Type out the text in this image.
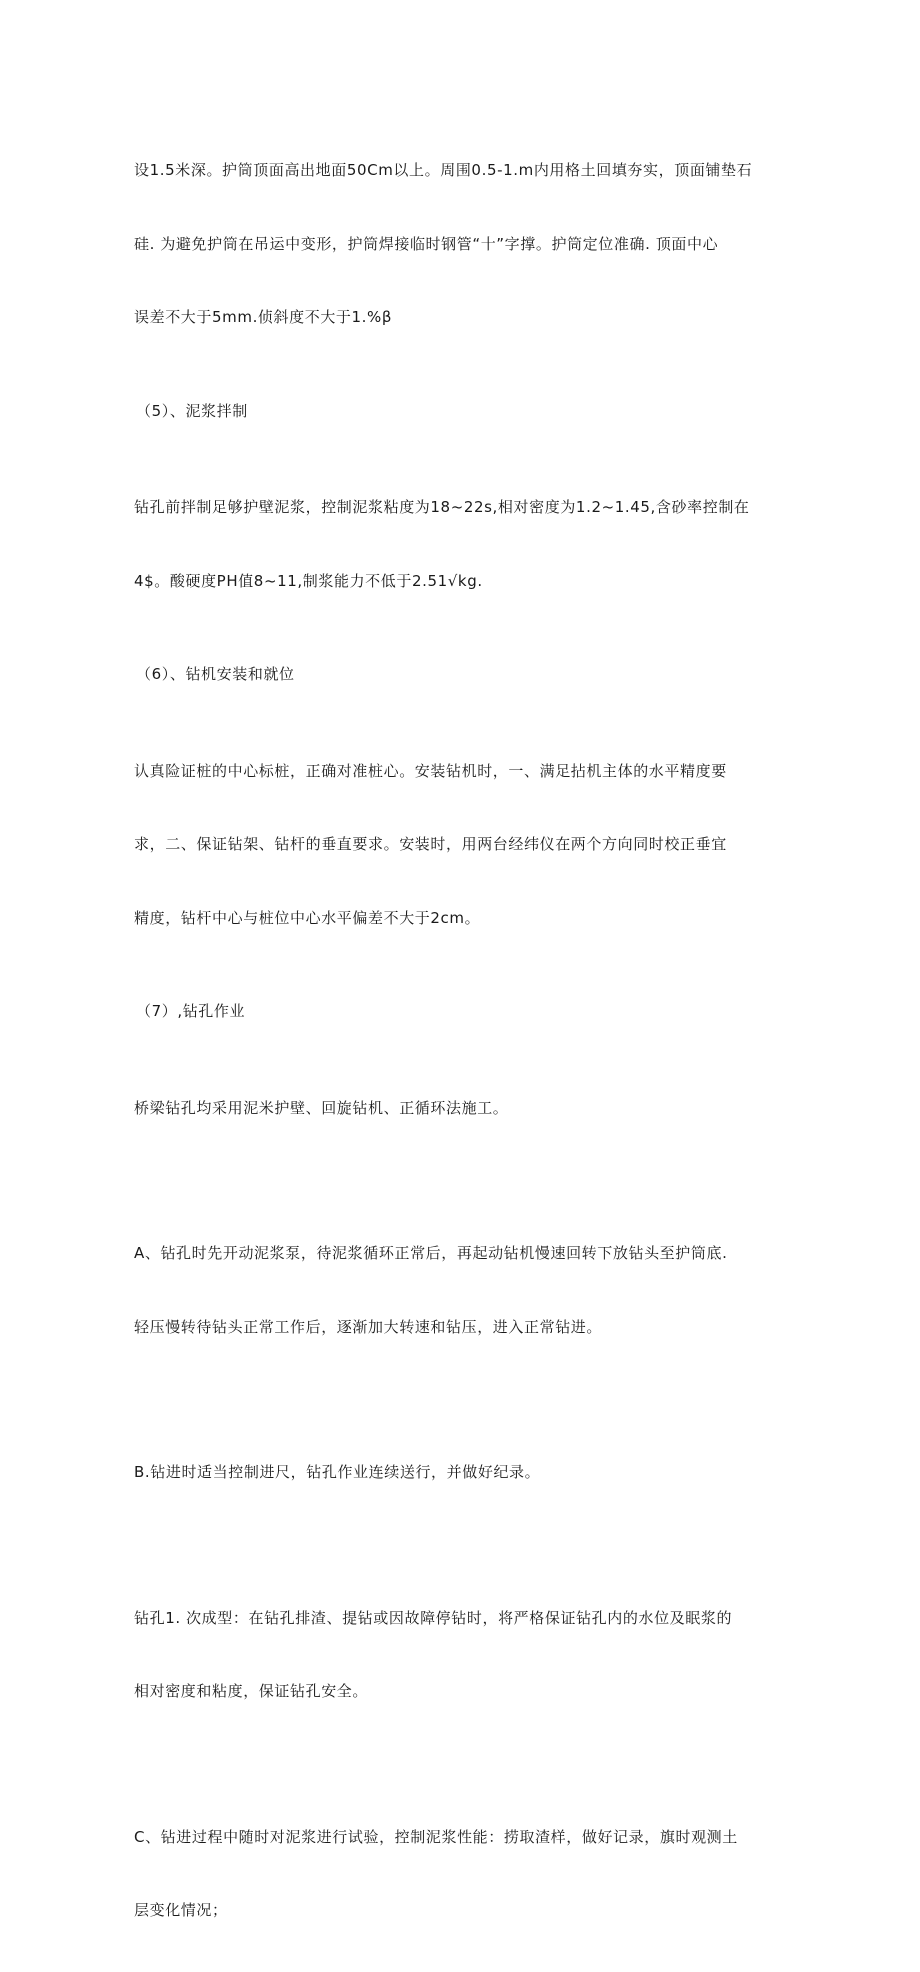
设1.5米深。护筒顶面高出地面50Cm以上。周围0.5-1.m内用格土回填夯实，顶面铺垫石

硅. 为避免护筒在吊运中变形，护筒焊接临时钢管“十”字撑。护筒定位准确. 顶面中心

误差不大于5mm.侦斜度不大于1.%β

（5）、泥浆拌制

钻孔前拌制足够护壁泥浆，控制泥浆粘度为18~22s,相对密度为1.2~1.45,含砂率控制在

4$。酸硬度PH值8~11,制浆能力不低于2.51√kg.

（6）、钻机安装和就位

认真险证桩的中心标桩，正确对准桩心。安装钻机时，一、满足拈机主体的水平精度要

求，二、保证钻架、钻杆的垂直要求。安装时，用两台经纬仪在两个方向同时校正垂宜

精度，钻杆中心与桩位中心水平偏差不大于2cm。

（7）,钻孔作业

桥梁钻孔均采用泥米护壁、回旋钻机、正循环法施工。

A、钻孔时先开动泥浆泵，待泥浆循环正常后，再起动钻机慢速回转下放钻头至护筒底.

轻压慢转待钻头正常工作后，逐渐加大转速和钻压，进入正常钻进。

B.钻进时适当控制进尺，钻孔作业连续送行，并做好纪录。

钻孔1. 次成型：在钻孔排渣、提钻或因故障停钻时，将严格保证钻孔内的水位及眠浆的

相对密度和粘度，保证钻孔安全。

C、钻进过程中随时对泥浆进行试验，控制泥浆性能：捞取渣样，做好记录，旗时观测土

层变化情况；
